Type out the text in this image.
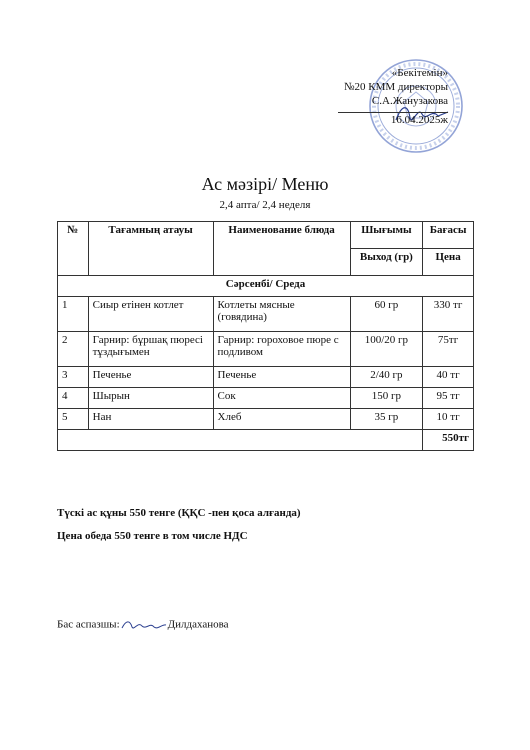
«Бекітемін»
№20 КММ директоры
С.А.Жанузакова
16.04.2025ж
Ас мәзірі/ Меню
2,4 апта/ 2,4 неделя
№	Тағамның атауы	Наименование блюда	Шығымы	Бағасы
			Выход (гр)	Цена
Сәрсенбі/ Среда				
1	Сиыр етінен котлет	Котлеты мясные (говядина)	60 гр	330 тг
2	Гарнир: бұршақ пюресі тұздығымен	Гарнир: гороховое пюре с подливом	100/20 гр	75тг
3	Печенье	Печенье	2/40 гр	40 тг
4	Шырын	Сок	150 гр	95 тг
5	Нан	Хлеб	35 гр	10 тг
				550тг
Түскі ас құны 550 тенге (ҚҚС -пен қоса алғанда)
Цена обеда 550 тенге в том числе НДС
Бас аспазшы:	Дилдаханова
